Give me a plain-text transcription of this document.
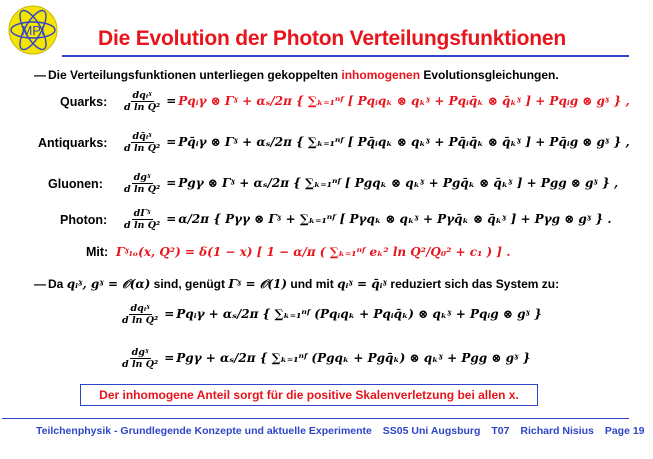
MPI	Die Evolution der Photon Verteilungsfunktionen
— Die Verteilungsfunktionen unterliegen gekoppelten inhomogenen Evolutionsgleichungen.
Quarks: $\frac{\text{dqᵢˠ}}{\text{d ln Q²}}$ = Pqᵢγ ⊗ Γˠ + αₛ/2π { ∑ₖ₌₁ⁿᶠ [ Pqᵢqₖ ⊗ qₖˠ + Pqᵢq̄ₖ ⊗ q̄ₖˠ ] + Pqᵢg ⊗ gˠ } ,
Antiquarks: $\frac{\text{dq̄ᵢˠ}}{\text{d ln Q²}}$ = Pq̄ᵢγ ⊗ Γˠ + αₛ/2π { ∑ₖ₌₁ⁿᶠ [ Pq̄ᵢqₖ ⊗ qₖˠ + Pq̄ᵢq̄ₖ ⊗ q̄ₖˠ ] + Pq̄ᵢg ⊗ gˠ } ,
Gluonen: $\frac{\text{dgˠ}}{\text{d ln Q²}} = Pg\gamma$ ⊗ Γˠ + αₛ/2π { ∑ₖ₌₁ⁿᶠ [ Pgqₖ ⊗ qₖˠ + Pgq̄ₖ ⊗ q̄ₖˠ ] + Pgg ⊗ gˠ } ,
Photon: $\frac{\text{dΓˠ}}{\text{d ln Q²}} = \alpha/2\pi$ { Pγγ ⊗ Γˠ + ∑ₖ₌₁ⁿᶠ [ Pγqₖ ⊗ qₖˠ + Pγq̄ₖ ⊗ q̄ₖˠ ] + Pγg ⊗ gˠ } .
Mit: Γˠₗₒ(x, Q²) = δ(1 − x) [ 1 − α/π ( ∑ₖ₌₁ⁿᶠ eₖ² ln Q²/Q₀² + c₁ ) ] .
— Da qᵢˠ, gˠ = 𝒪(α) sind, genügt Γˠ = 𝒪(1) und mit qᵢˠ = q̄ᵢˠ reduziert sich das System zu:
$\frac{\text{dqᵢˠ}}{\text{d ln Q²}}$ = Pqᵢγ + αₛ/2π { ∑ₖ₌₁ⁿᶠ (Pqᵢqₖ + Pqᵢq̄ₖ) ⊗ qₖˠ + Pqᵢg ⊗ gˠ }
$\frac{\text{dgˠ}}{\text{d ln Q²}} = Pg\gamma + \alpha_s/2\pi$ { ∑ₖ₌₁ⁿᶠ (Pgqₖ + Pgq̄ₖ) ⊗ qₖˠ + Pgg ⊗ gˠ }
Der inhomogene Anteil sorgt für die positive Skalenverletzung bei allen x.
Teilchenphysik - Grundlegende Konzepte und aktuelle Experimente SS05 Uni Augsburg T07 Richard Nisius Page 19
